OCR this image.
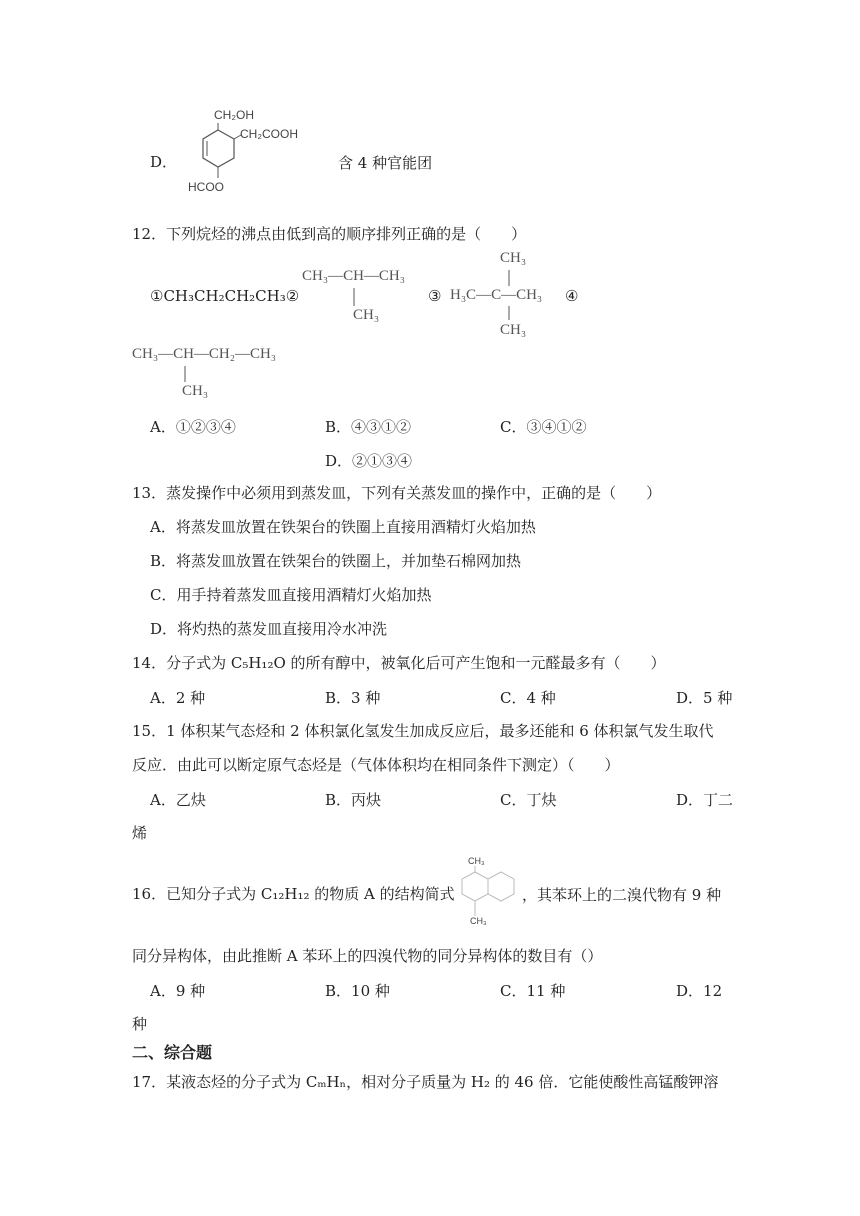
D．
CH₂OH
CH₂COOH
HCOO
含 4 种官能团
12．下列烷烃的沸点由低到高的顺序排列正确的是（　　）
①CH₃CH₂CH₂CH₃②
CH₃—CH—CH₃
CH₃
③
CH₃
H₃C—C—CH₃
CH₃
④
CH₃—CH—CH₂—CH₃
CH₃
A．①②③④	B．④③①②	C．③④①②
D．②①③④
13．蒸发操作中必须用到蒸发皿，下列有关蒸发皿的操作中，正确的是（　　）
A．将蒸发皿放置在铁架台的铁圈上直接用酒精灯火焰加热
B．将蒸发皿放置在铁架台的铁圈上，并加垫石棉网加热
C．用手持着蒸发皿直接用酒精灯火焰加热
D．将灼热的蒸发皿直接用冷水冲洗
14．分子式为 C₅H₁₂O 的所有醇中，被氧化后可产生饱和一元醛最多有（　　）
A．2 种	B．3 种	C．4 种	D．5 种
15．1 体积某气态烃和 2 体积氯化氢发生加成反应后，最多还能和 6 体积氯气发生取代
反应．由此可以断定原气态烃是（气体体积均在相同条件下测定）（　　）
A．乙炔	B．丙炔	C．丁炔	D．丁二
烯
16．已知分子式为 C₁₂H₁₂ 的物质 A 的结构简式
CH₃
CH₃
，其苯环上的二溴代物有 9 种
同分异构体，由此推断 A 苯环上的四溴代物的同分异构体的数目有（）
A．9 种	B．10 种	C．11 种	D．12
种
二、综合题
17．某液态烃的分子式为 CₘHₙ，相对分子质量为 H₂ 的 46 倍．它能使酸性高锰酸钾溶
